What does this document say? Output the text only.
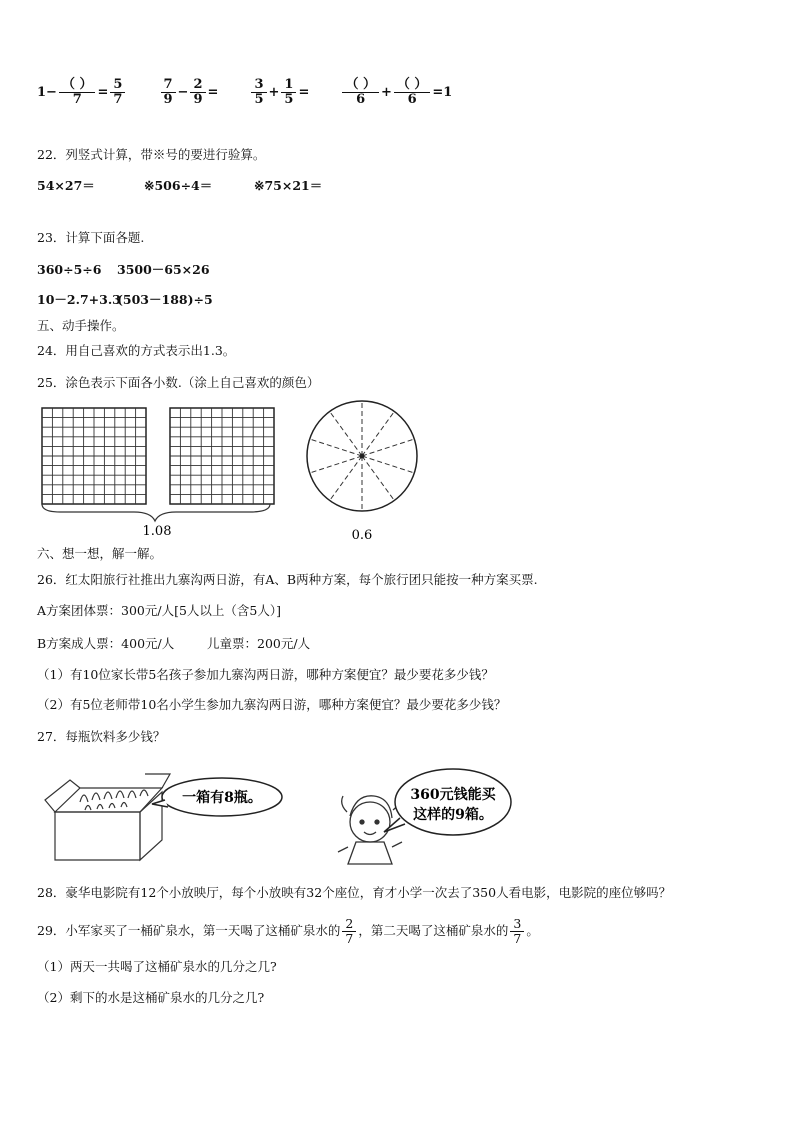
$1- \frac{( )}{7} = \frac{5}{7}$
	$\frac{7}{9} - \frac{2}{9}$ =	$\frac{3}{5} + \frac{1}{5}$ =	$\frac{( )}{6} + \frac{( )}{6} =1$
22．列竖式计算，带※号的要进行验算。
54×27＝	※506÷4＝	※75×21＝
23．计算下面各题.
360÷5÷6 3500－65×26
10－2.7+3.3(503－188)÷5
五、动手操作。
24．用自己喜欢的方式表示出1.3。
25．涂色表示下面各小数.（涂上自己喜欢的颜色）
1.08	0.6
六、想一想，解一解。
26．红太阳旅行社推出九寨沟两日游，有A、B两种方案，每个旅行团只能按一种方案买票.
A方案团体票：300元/人[5人以上（含5人）]
B方案成人票：400元/人	儿童票：200元/人
（1）有10位家长带5名孩子参加九寨沟两日游，哪种方案便宜？最少要花多少钱？
（2）有5位老师带10名小学生参加九寨沟两日游，哪种方案便宜？最少要花多少钱？
27．每瓶饮料多少钱？
一箱有8瓶。	360元钱能买
这样的9箱。
28．豪华电影院有12个小放映厅，每个小放映有32个座位，育才小学一次去了350人看电影，电影院的座位够吗？
29．小军家买了一桶矿泉水，第一天喝了这桶矿泉水的 $\frac{2}{7}$ ，第二天喝了这桶矿泉水的 $\frac{3}{7}$ 。
（1）两天一共喝了这桶矿泉水的几分之几?
（2）剩下的水是这桶矿泉水的几分之几?
